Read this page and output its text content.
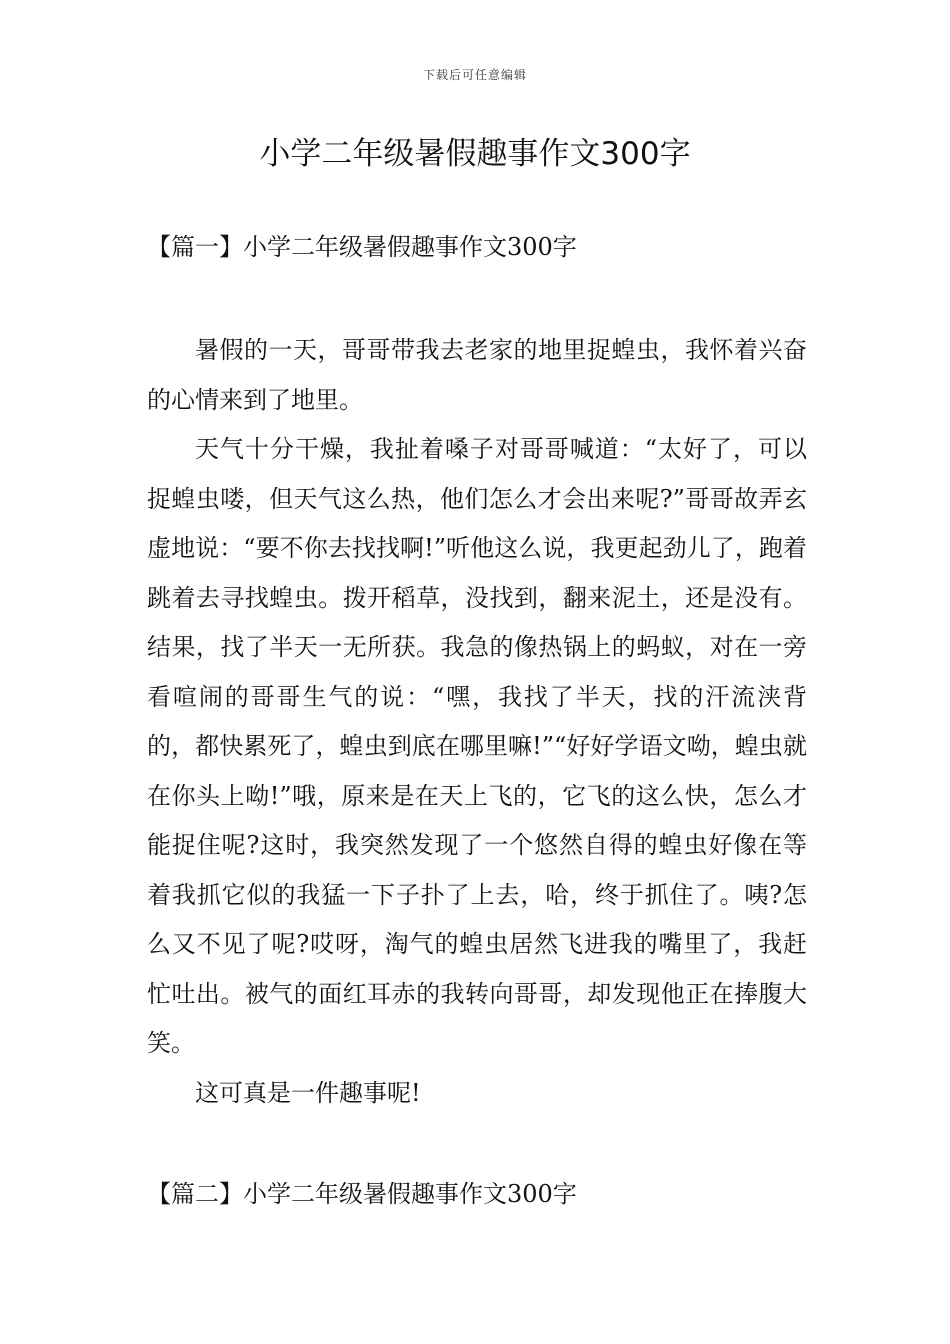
下载后可任意编辑
小学二年级暑假趣事作文300字
【篇一】小学二年级暑假趣事作文300字

暑假的一天，哥哥带我去老家的地里捉蝗虫，我怀着兴奋的心情来到了地里。

天气十分干燥，我扯着嗓子对哥哥喊道：“太好了，可以捉蝗虫喽，但天气这么热，他们怎么才会出来呢?”哥哥故弄玄虚地说：“要不你去找找啊!”听他这么说，我更起劲儿了，跑着跳着去寻找蝗虫。拨开稻草，没找到，翻来泥土，还是没有。结果，找了半天一无所获。我急的像热锅上的蚂蚁，对在一旁看喧闹的哥哥生气的说：“嘿，我找了半天，找的汗流浃背的，都快累死了，蝗虫到底在哪里嘛!”“好好学语文呦，蝗虫就在你头上呦!”哦，原来是在天上飞的，它飞的这么快，怎么才能捉住呢?这时，我突然发现了一个悠然自得的蝗虫好像在等着我抓它似的我猛一下子扑了上去，哈，终于抓住了。咦?怎么又不见了呢?哎呀，淘气的蝗虫居然飞进我的嘴里了，我赶忙吐出。被气的面红耳赤的我转向哥哥，却发现他正在捧腹大笑。

这可真是一件趣事呢!

【篇二】小学二年级暑假趣事作文300字
